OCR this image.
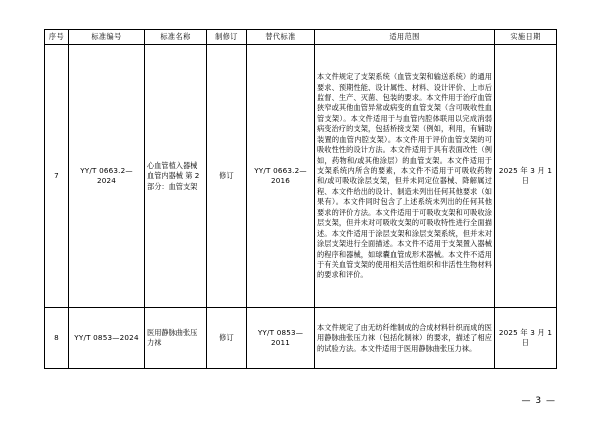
序号	标准编号	标准名称	制修订	替代标准	适用范围	实施日期
7	YY/T 0663.2—2024	心血管植入器械 血管内器械 第 2 部分：血管支架	修订	YY/T 0663.2—2016	本文件规定了支架系统（血管支架和输送系统）的通用要求、预期性能、设计属性、材料、设计评价、上市后监督、生产、灭菌、包装的要求。本文件用于治疗血管狭窄或其他血管异常或病变的血管支架（含可吸收性血管支架）。本文件适用于与血管内腔体联用以完成消弱病变治疗的支架，包括桥接支架（例如，利用，有辅助装置的血管内腔支架）。本文件用于评价血管支架的可吸收性性的设计方法。本文件适用于具有表面改性（例如，药物和/或其他涂层）的血管支架。本文件适用于支架系统内所含的要素，本文件不适用于可吸收药物和/或可吸收涂层支架，但并未同定位器械、降解属过程、本文件给出的设计、制造未列出任何其他要求（如果有）。本文件同时包含了上述系统未列出的任何其他要求的评价方法。本文件适用于可吸收支架和可吸收涂层支架，但并未对可吸收支架的可吸收特性进行全面描述。本文件适用于涂层支架和涂层支架系统，但并未对涂层支架进行全面描述。本文件不适用于支架置入器械的程序和器械，如球囊血管成形术器械。本文件不适用于有关血管支架的使用相关活性组织和非活性生物材料的要求和评价。	2025 年 3 月 1 日
8	YY/T 0853—2024	医用静脉曲张压力袜	修订	YY/T 0853—2011	本文件规定了由无纺纤维制成的合成材料针织而成的医用静脉曲张压力袜（包括化制袜）的要求，描述了相应的试验方法。本文件适用于医用静脉曲张压力袜。	2025 年 3 月 1 日
— 3 —
